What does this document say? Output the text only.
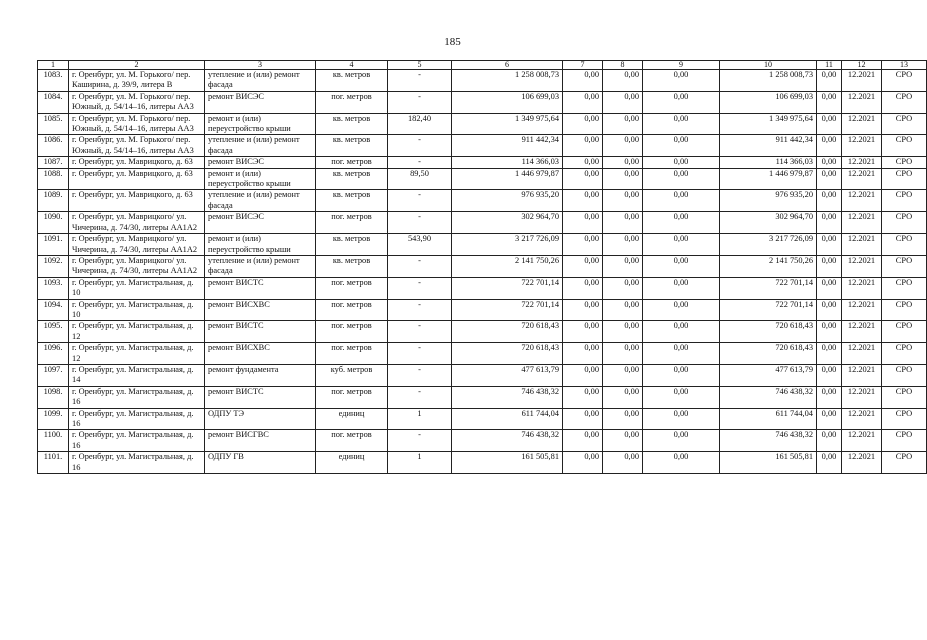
185
1	2	3	4	5	6	7	8	9	10	11	12	13
1083.	г. Оренбург, ул. М. Горького/ пер. Каширина, д. 39/9, литера В	утепление и (или) ремонт фасада	кв. метров	-	1 258 008,73	0,00	0,00	0,00	1 258 008,73	0,00	12.2021	СРО
1084.	г. Оренбург, ул. М. Горького/ пер. Южный, д. 54/14–16, литеры АА3	ремонт ВИСЭС	пог. метров	-	106 699,03	0,00	0,00	0,00	106 699,03	0,00	12.2021	СРО
1085.	г. Оренбург, ул. М. Горького/ пер. Южный, д. 54/14–16, литеры АА3	ремонт и (или) переустройство крыши	кв. метров	182,40	1 349 975,64	0,00	0,00	0,00	1 349 975,64	0,00	12.2021	СРО
1086.	г. Оренбург, ул. М. Горького/ пер. Южный, д. 54/14–16, литеры АА3	утепление и (или) ремонт фасада	кв. метров	-	911 442,34	0,00	0,00	0,00	911 442,34	0,00	12.2021	СРО
1087.	г. Оренбург, ул. Маврицкого, д. 63	ремонт ВИСЭС	пог. метров	-	114 366,03	0,00	0,00	0,00	114 366,03	0,00	12.2021	СРО
1088.	г. Оренбург, ул. Маврицкого, д. 63	ремонт и (или) переустройство крыши	кв. метров	89,50	1 446 979,87	0,00	0,00	0,00	1 446 979,87	0,00	12.2021	СРО
1089.	г. Оренбург, ул. Маврицкого, д. 63	утепление и (или) ремонт фасада	кв. метров	-	976 935,20	0,00	0,00	0,00	976 935,20	0,00	12.2021	СРО
1090.	г. Оренбург, ул. Маврицкого/ ул. Чичерина, д. 74/30, литеры АА1А2	ремонт ВИСЭС	пог. метров	-	302 964,70	0,00	0,00	0,00	302 964,70	0,00	12.2021	СРО
1091.	г. Оренбург, ул. Маврицкого/ ул. Чичерина, д. 74/30, литеры АА1А2	ремонт и (или) переустройство крыши	кв. метров	543,90	3 217 726,09	0,00	0,00	0,00	3 217 726,09	0,00	12.2021	СРО
1092.	г. Оренбург, ул. Маврицкого/ ул. Чичерина, д. 74/30, литеры АА1А2	утепление и (или) ремонт фасада	кв. метров	-	2 141 750,26	0,00	0,00	0,00	2 141 750,26	0,00	12.2021	СРО
1093.	г. Оренбург, ул. Магистральная, д. 10	ремонт ВИСТС	пог. метров	-	722 701,14	0,00	0,00	0,00	722 701,14	0,00	12.2021	СРО
1094.	г. Оренбург, ул. Магистральная, д. 10	ремонт ВИСХВС	пог. метров	-	722 701,14	0,00	0,00	0,00	722 701,14	0,00	12.2021	СРО
1095.	г. Оренбург, ул. Магистральная, д. 12	ремонт ВИСТС	пог. метров	-	720 618,43	0,00	0,00	0,00	720 618,43	0,00	12.2021	СРО
1096.	г. Оренбург, ул. Магистральная, д. 12	ремонт ВИСХВС	пог. метров	-	720 618,43	0,00	0,00	0,00	720 618,43	0,00	12.2021	СРО
1097.	г. Оренбург, ул. Магистральная, д. 14	ремонт фундамента	куб. метров	-	477 613,79	0,00	0,00	0,00	477 613,79	0,00	12.2021	СРО
1098.	г. Оренбург, ул. Магистральная, д. 16	ремонт ВИСТС	пог. метров	-	746 438,32	0,00	0,00	0,00	746 438,32	0,00	12.2021	СРО
1099.	г. Оренбург, ул. Магистральная, д. 16	ОДПУ ТЭ	единиц	1	611 744,04	0,00	0,00	0,00	611 744,04	0,00	12.2021	СРО
1100.	г. Оренбург, ул. Магистральная, д. 16	ремонт ВИСГВС	пог. метров	-	746 438,32	0,00	0,00	0,00	746 438,32	0,00	12.2021	СРО
1101.	г. Оренбург, ул. Магистральная, д. 16	ОДПУ ГВ	единиц	1	161 505,81	0,00	0,00	0,00	161 505,81	0,00	12.2021	СРО
